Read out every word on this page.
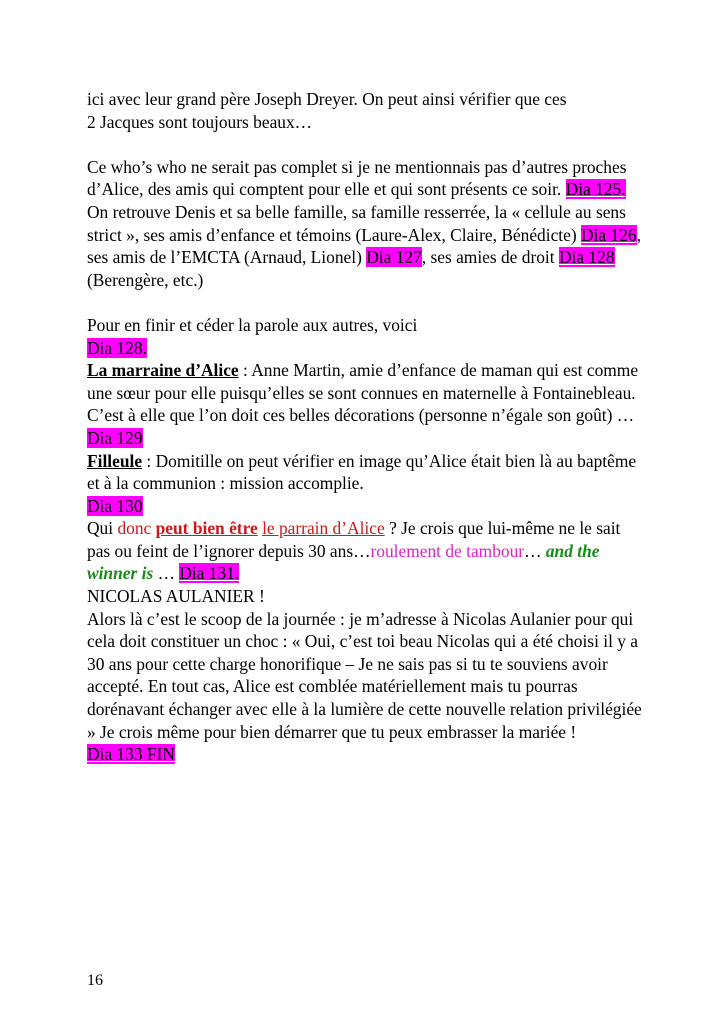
ici avec leur grand père Joseph Dreyer. On peut ainsi vérifier que ces
2 Jacques sont toujours beaux…

Ce who’s who ne serait pas complet si je ne mentionnais pas d’autres proches d’Alice, des amis qui comptent pour elle et qui sont présents ce soir. Dia 125.

On retrouve Denis et sa belle famille, sa famille resserrée, la « cellule au sens strict », ses amis d’enfance et témoins (Laure-Alex, Claire, Bénédicte) Dia 126, ses amis de l’EMCTA (Arnaud, Lionel) Dia 127, ses amies de droit Dia 128 (Berengère, etc.)

Pour en finir et céder la parole aux autres, voici
Dia 128.

La marraine d’Alice : Anne Martin, amie d’enfance de maman qui est comme une sœur pour elle puisqu’elles se sont connues en maternelle à Fontainebleau. C’est à elle que l’on doit ces belles décorations (personne n’égale son goût) …
Dia 129

Filleule : Domitille on peut vérifier en image qu’Alice était bien là au baptême et à la communion : mission accomplie.
Dia 130

Qui donc peut bien être le parrain d’Alice ? Je crois que lui-même ne le sait pas ou feint de l’ignorer depuis 30 ans…roulement de tambour… and the winner is … Dia 131.
NICOLAS AULANIER !
Alors là c’est le scoop de la journée : je m’adresse à Nicolas Aulanier pour qui cela doit constituer un choc : « Oui, c’est toi beau Nicolas qui a été choisi il y a 30 ans pour cette charge honorifique – Je ne sais pas si tu te souviens avoir accepté. En tout cas, Alice est comblée matériellement mais tu pourras dorénavant échanger avec elle à la lumière de cette nouvelle relation privilégiée » Je crois même pour bien démarrer que tu peux embrasser la mariée !
Dia 133 FIN

16
